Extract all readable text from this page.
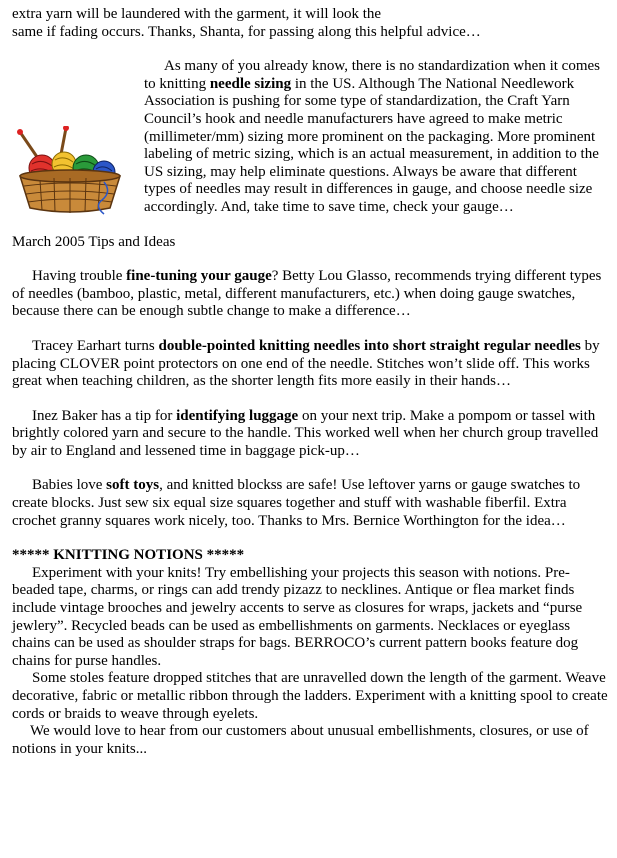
extra yarn will be laundered with the garment, it will look the
same if fading occurs. Thanks, Shanta, for passing along this helpful advice…

As many of you already know, there is no standardization when it comes to knitting needle sizing in the US. Although The National Needlework Association is pushing for some type of standardization, the Craft Yarn Council’s hook and needle manufacturers have agreed to make metric (millimeter/mm) sizing more prominent on the packaging. More prominent labeling of metric sizing, which is an actual measurement, in addition to the US sizing, may help eliminate questions. Always be aware that different types of needles may result in differences in gauge, and choose needle size accordingly. And, take time to save time, check your gauge…

March 2005 Tips and Ideas

Having trouble fine-tuning your gauge? Betty Lou Glasso, recommends trying different types of needles (bamboo, plastic, metal, different manufacturers, etc.) when doing gauge swatches, because there can be enough subtle change to make a difference…

Tracey Earhart turns double-pointed knitting needles into short straight regular needles by placing CLOVER point protectors on one end of the needle. Stitches won’t slide off. This works great when teaching children, as the shorter length fits more easily in their hands…

Inez Baker has a tip for identifying luggage on your next trip. Make a pompom or tassel with brightly colored yarn and secure to the handle. This worked well when her church group travelled by air to England and lessened time in baggage pick-up…

Babies love soft toys, and knitted blockss are safe! Use leftover yarns or gauge swatches to create blocks. Just sew six equal size squares together and stuff with washable fiberfil. Extra crochet granny squares work nicely, too. Thanks to Mrs. Bernice Worthington for the idea…

***** KNITTING NOTIONS *****

Experiment with your knits! Try embellishing your projects this season with notions. Pre-beaded tape, charms, or rings can add trendy pizazz to necklines. Antique or flea market finds include vintage brooches and jewelry accents to serve as closures for wraps, jackets and “purse jewlery”. Recycled beads can be used as embellishments on garments. Necklaces or eyeglass chains can be used as shoulder straps for bags. BERROCO’s current pattern books feature dog chains for purse handles.

Some stoles feature dropped stitches that are unravelled down the length of the garment. Weave decorative, fabric or metallic ribbon through the ladders. Experiment with a knitting spool to create cords or braids to weave through eyelets.

We would love to hear from our customers about unusual embellishments, closures, or use of notions in your knits...
